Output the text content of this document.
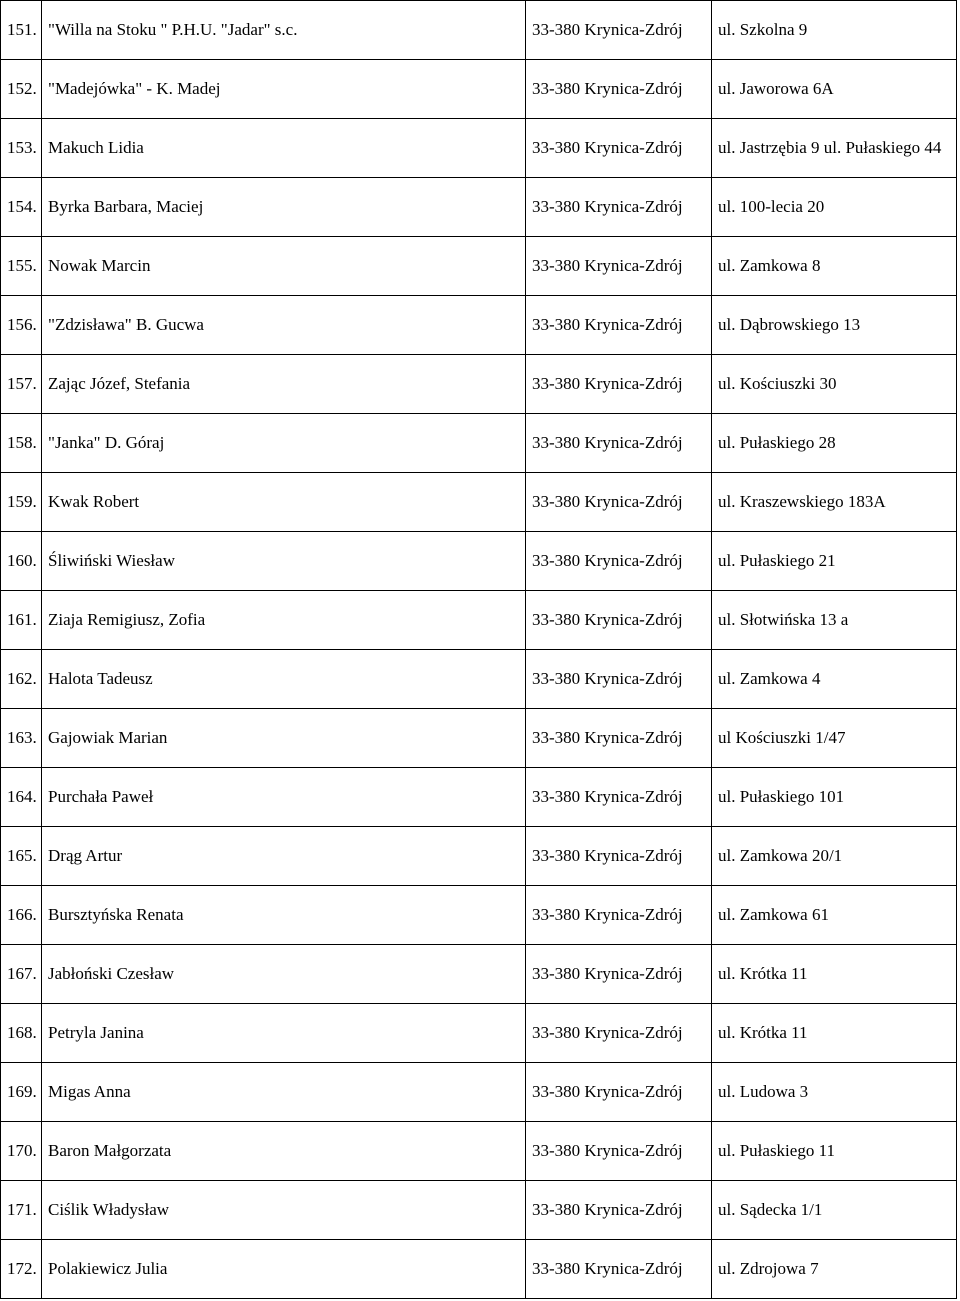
151.	"Willa na Stoku " P.H.U. "Jadar" s.c.	33-380 Krynica-Zdrój	ul. Szkolna 9
152.	"Madejówka" - K. Madej	33-380 Krynica-Zdrój	ul. Jaworowa 6A
153.	Makuch Lidia	33-380 Krynica-Zdrój	ul. Jastrzębia 9 ul. Pułaskiego 44
154.	Byrka Barbara, Maciej	33-380 Krynica-Zdrój	ul. 100-lecia 20
155.	Nowak Marcin	33-380 Krynica-Zdrój	ul. Zamkowa 8
156.	"Zdzisława" B. Gucwa	33-380 Krynica-Zdrój	ul. Dąbrowskiego 13
157.	Zając Józef, Stefania	33-380 Krynica-Zdrój	ul. Kościuszki 30
158.	"Janka" D. Góraj	33-380 Krynica-Zdrój	ul. Pułaskiego 28
159.	Kwak Robert	33-380 Krynica-Zdrój	ul. Kraszewskiego 183A
160.	Śliwiński Wiesław	33-380 Krynica-Zdrój	ul. Pułaskiego 21
161.	Ziaja Remigiusz, Zofia	33-380 Krynica-Zdrój	ul. Słotwińska 13 a
162.	Halota Tadeusz	33-380 Krynica-Zdrój	ul. Zamkowa 4
163.	Gajowiak Marian	33-380 Krynica-Zdrój	ul Kościuszki 1/47
164.	Purchała Paweł	33-380 Krynica-Zdrój	ul. Pułaskiego 101
165.	Drąg Artur	33-380 Krynica-Zdrój	ul. Zamkowa 20/1
166.	Bursztyńska Renata	33-380 Krynica-Zdrój	ul. Zamkowa 61
167.	Jabłoński Czesław	33-380 Krynica-Zdrój	ul. Krótka 11
168.	Petryla Janina	33-380 Krynica-Zdrój	ul. Krótka 11
169.	Migas Anna	33-380 Krynica-Zdrój	ul. Ludowa 3
170.	Baron Małgorzata	33-380 Krynica-Zdrój	ul. Pułaskiego 11
171.	Ciślik Władysław	33-380 Krynica-Zdrój	ul. Sądecka 1/1
172.	Polakiewicz Julia	33-380 Krynica-Zdrój	ul. Zdrojowa 7
